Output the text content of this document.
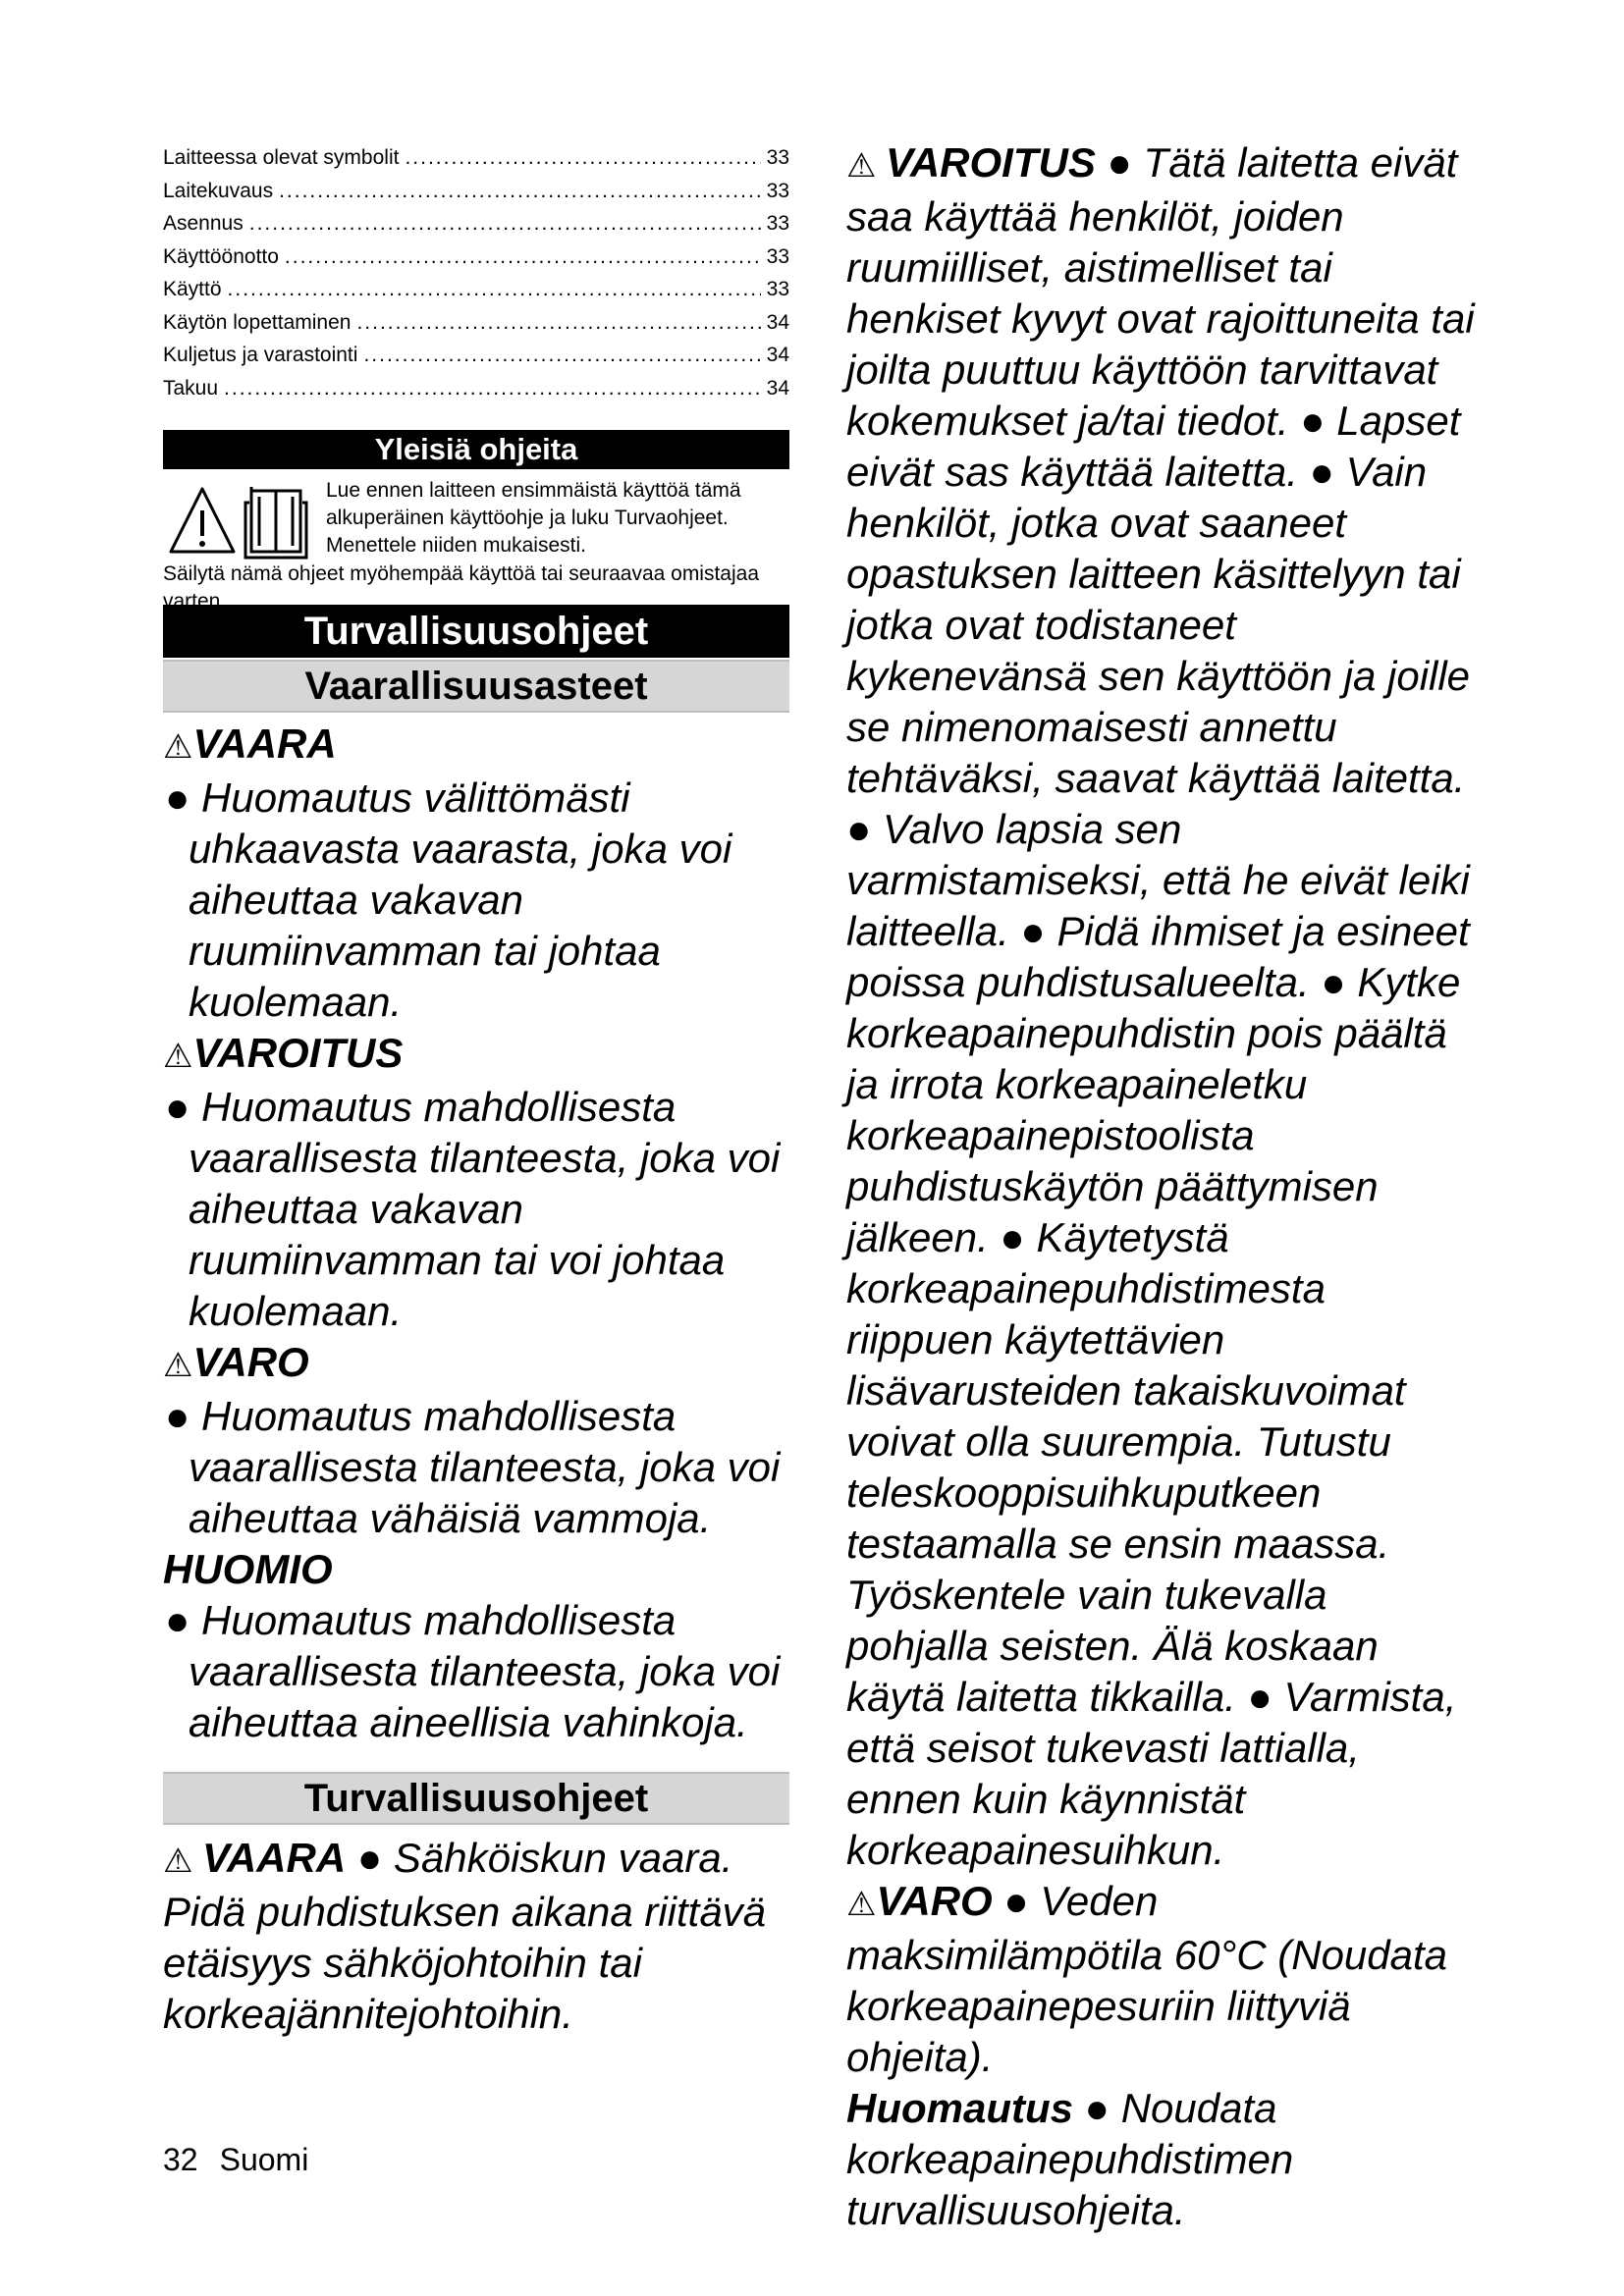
Laitteessa olevat symbolit .....	33
Laitekuvaus .....	33
Asennus .....	33
Käyttöönotto .....	33
Käyttö .....	33
Käytön lopettaminen .....	34
Kuljetus ja varastointi .....	34
Takuu .....	34
Yleisiä ohjeita
Lue ennen laitteen ensimmäistä käyttöä tämä alkuperäinen käyttöohje ja luku Turvaohjeet. Menettele niiden mukaisesti.
Säilytä nämä ohjeet myöhempää käyttöä tai seuraavaa omistajaa varten.
Turvallisuusohjeet
Vaarallisuusasteet
⚠VAARA
● Huomautus välittömästi uhkaavasta vaarasta, joka voi aiheuttaa vakavan ruumiinvamman tai johtaa kuolemaan.
⚠VAROITUS
● Huomautus mahdollisesta vaarallisesta tilanteesta, joka voi aiheuttaa vakavan ruumiinvamman tai voi johtaa kuolemaan.
⚠VARO
● Huomautus mahdollisesta vaarallisesta tilanteesta, joka voi aiheuttaa vähäisiä vammoja.
HUOMIO
● Huomautus mahdollisesta vaarallisesta tilanteesta, joka voi aiheuttaa aineellisia vahinkoja.
Turvallisuusohjeet
⚠ VAARA ● Sähköiskun vaara. Pidä puhdistuksen aikana riittävä etäisyys sähköjohtoihin tai korkeajännitejohtoihin.
32 Suomi

⚠ VAROITUS ● Tätä laitetta eivät saa käyttää henkilöt, joiden ruumiilliset, aistimelliset tai henkiset kyvyt ovat rajoittuneita tai joilta puuttuu käyttöön tarvittavat kokemukset ja/tai tiedot. ● Lapset eivät sas käyttää laitetta. ● Vain henkilöt, jotka ovat saaneet opastuksen laitteen käsittelyyn tai jotka ovat todistaneet kykenevänsä sen käyttöön ja joille se nimenomaisesti annettu tehtäväksi, saavat käyttää laitetta. ● Valvo lapsia sen varmistamiseksi, että he eivät leiki laitteella. ● Pidä ihmiset ja esineet poissa puhdistusalueelta. ● Kytke korkeapainepuhdistin pois päältä ja irrota korkeapaineletku korkeapainepistoolista puhdistuskäytön päättymisen jälkeen. ● Käytetystä korkeapainepuhdistimesta riippuen käytettävien lisävarusteiden takaiskuvoimat voivat olla suurempia. Tutustu teleskooppisuihkuputkeen testaamalla se ensin maassa. Työskentele vain tukevalla pohjalla seisten. Älä koskaan käytä laitetta tikkailla. ● Varmista, että seisot tukevasti lattialla, ennen kuin käynnistät korkeapainesuihkun.

⚠VARO ● Veden maksimilämpötila 60°C (Noudata korkeapainepesuriin liittyviä ohjeita).

Huomautus ● Noudata korkeapainepuhdistimen turvallisuusohjeita.
